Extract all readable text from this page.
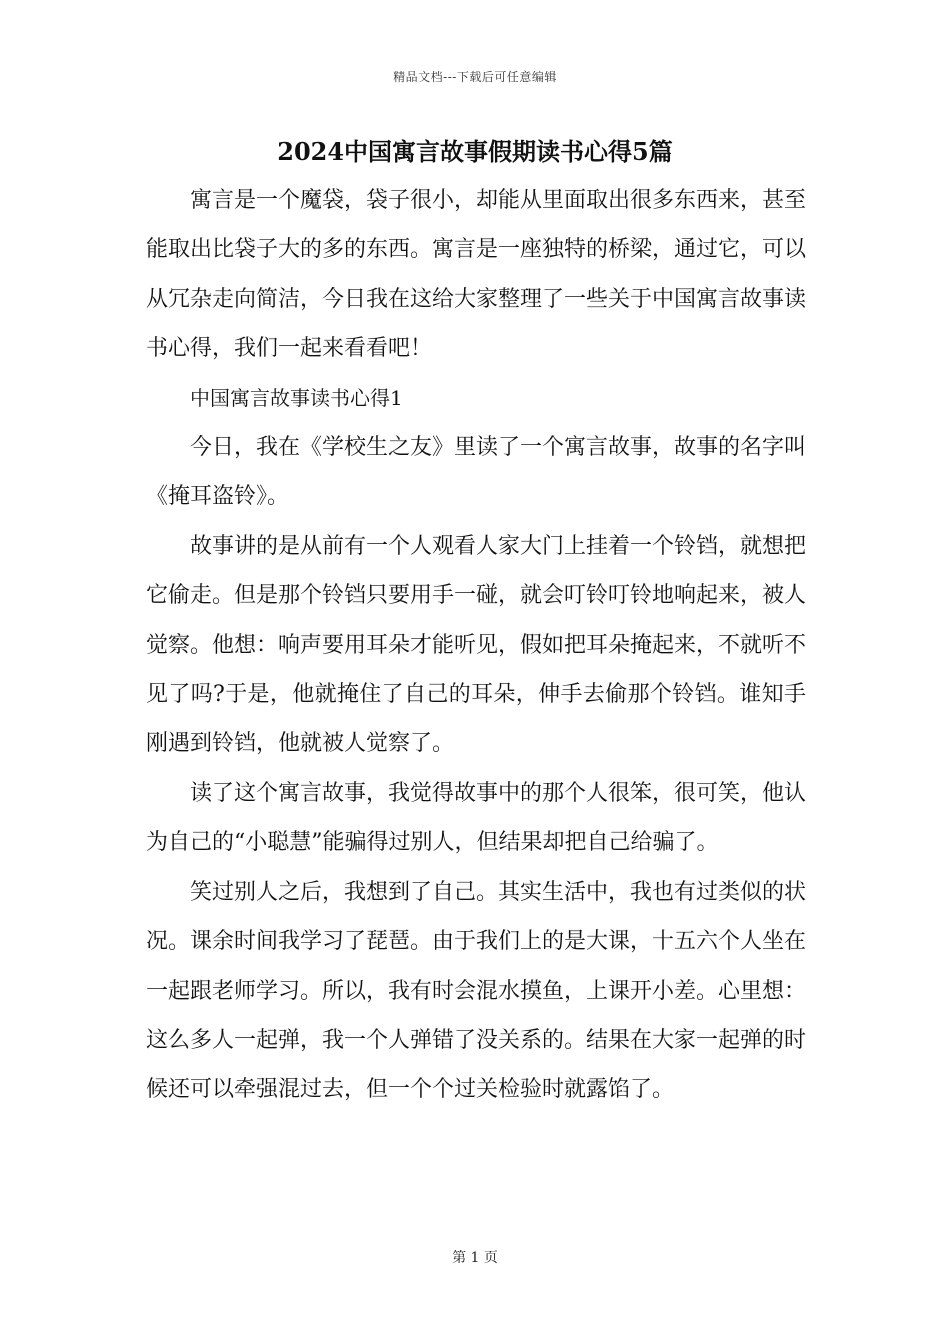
精品文档---下载后可任意编辑
2024中国寓言故事假期读书心得5篇

寓言是一个魔袋，袋子很小，却能从里面取出很多东西来，甚至能取出比袋子大的多的东西。寓言是一座独特的桥梁，通过它，可以从冗杂走向简洁，今日我在这给大家整理了一些关于中国寓言故事读书心得，我们一起来看看吧！

中国寓言故事读书心得1

今日，我在《学校生之友》里读了一个寓言故事，故事的名字叫《掩耳盗铃》。

故事讲的是从前有一个人观看人家大门上挂着一个铃铛，就想把它偷走。但是那个铃铛只要用手一碰，就会叮铃叮铃地响起来，被人觉察。他想：响声要用耳朵才能听见，假如把耳朵掩起来，不就听不见了吗?于是，他就掩住了自己的耳朵，伸手去偷那个铃铛。谁知手刚遇到铃铛，他就被人觉察了。

读了这个寓言故事，我觉得故事中的那个人很笨，很可笑，他认为自己的“小聪慧”能骗得过别人，但结果却把自己给骗了。

笑过别人之后，我想到了自己。其实生活中，我也有过类似的状况。课余时间我学习了琵琶。由于我们上的是大课，十五六个人坐在一起跟老师学习。所以，我有时会混水摸鱼，上课开小差。心里想：这么多人一起弹，我一个人弹错了没关系的。结果在大家一起弹的时候还可以牵强混过去，但一个个过关检验时就露馅了。

第 1 页
